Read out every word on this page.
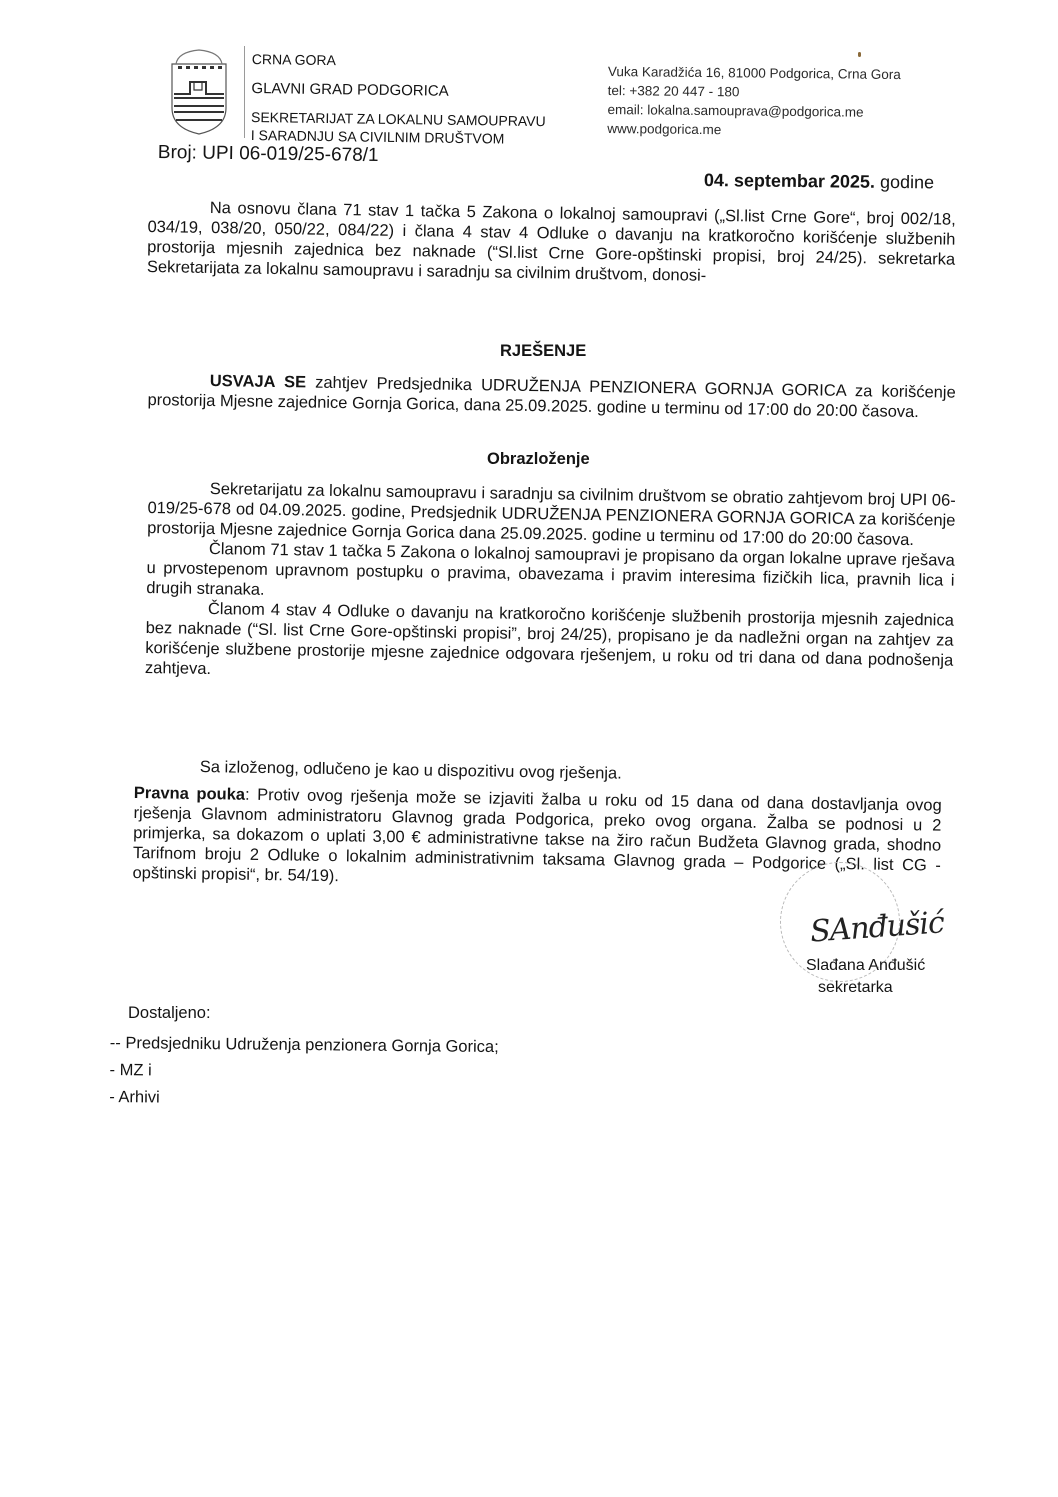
CRNA GORA
GLAVNI GRAD PODGORICA
SEKRETARIJAT ZA LOKALNU SAMOUPRAVU
I SARADNJU SA CIVILNIM DRUŠTVOM
Broj: UPI 06-019/25-678/1
Vuka Karadžića 16, 81000 Podgorica, Crna Gora
tel: +382 20 447 - 180
email: lokalna.samouprava@podgorica.me
www.podgorica.me
04. septembar 2025. godine

Na osnovu člana 71 stav 1 tačka 5 Zakona o lokalnoj samoupravi („Sl.list Crne Gore“, broj 002/18, 034/19, 038/20, 050/22, 084/22) i člana 4 stav 4 Odluke o davanju na kratkoročno korišćenje službenih prostorija mjesnih zajednica bez naknade (“Sl.list Crne Gore-opštinski propisi, broj 24/25). sekretarka Sekretarijata za lokalnu samoupravu i saradnju sa civilnim društvom, donosi-

RJEŠENJE

USVAJA SE zahtjev Predsjednika UDRUŽENJA PENZIONERA GORNJA GORICA za korišćenje prostorija Mjesne zajednice Gornja Gorica, dana 25.09.2025. godine u terminu od 17:00 do 20:00 časova.

Obrazloženje

Sekretarijatu za lokalnu samoupravu i saradnju sa civilnim društvom se obratio zahtjevom broj UPI 06-019/25-678 od 04.09.2025. godine, Predsjednik UDRUŽENJA PENZIONERA GORNJA GORICA za korišćenje prostorija Mjesne zajednice Gornja Gorica dana 25.09.2025. godine u terminu od 17:00 do 20:00 časova.

Članom 71 stav 1 tačka 5 Zakona o lokalnoj samoupravi je propisano da organ lokalne uprave rješava u prvostepenom upravnom postupku o pravima, obavezama i pravim interesima fizičkih lica, pravnih lica i drugih stranaka.

Članom 4 stav 4 Odluke o davanju na kratkoročno korišćenje službenih prostorija mjesnih zajednica bez naknade (“Sl. list Crne Gore-opštinski propisi”, broj 24/25), propisano je da nadležni organ na zahtjev za korišćenje službene prostorije mjesne zajednice odgovara rješenjem, u roku od tri dana od dana podnošenja zahtjeva.

Sa izloženog, odlučeno je kao u dispozitivu ovog rješenja.

Pravna pouka: Protiv ovog rješenja može se izjaviti žalba u roku od 15 dana od dana dostavljanja ovog rješenja Glavnom administratoru Glavnog grada Podgorica, preko ovog organa. Žalba se podnosi u 2 primjerka, sa dokazom o uplati 3,00 € administrativne takse na žiro račun Budžeta Glavnog grada, shodno Tarifnom broju 2 Odluke o lokalnim administrativnim taksama Glavnog grada – Podgorice („Sl. list CG - opštinski propisi“, br. 54/19).

SAnđušić
Slađana Anđušić
sekretarka
Dostaljeno:
-- Predsjedniku Udruženja penzionera Gornja Gorica;
- MZ i
- Arhivi
